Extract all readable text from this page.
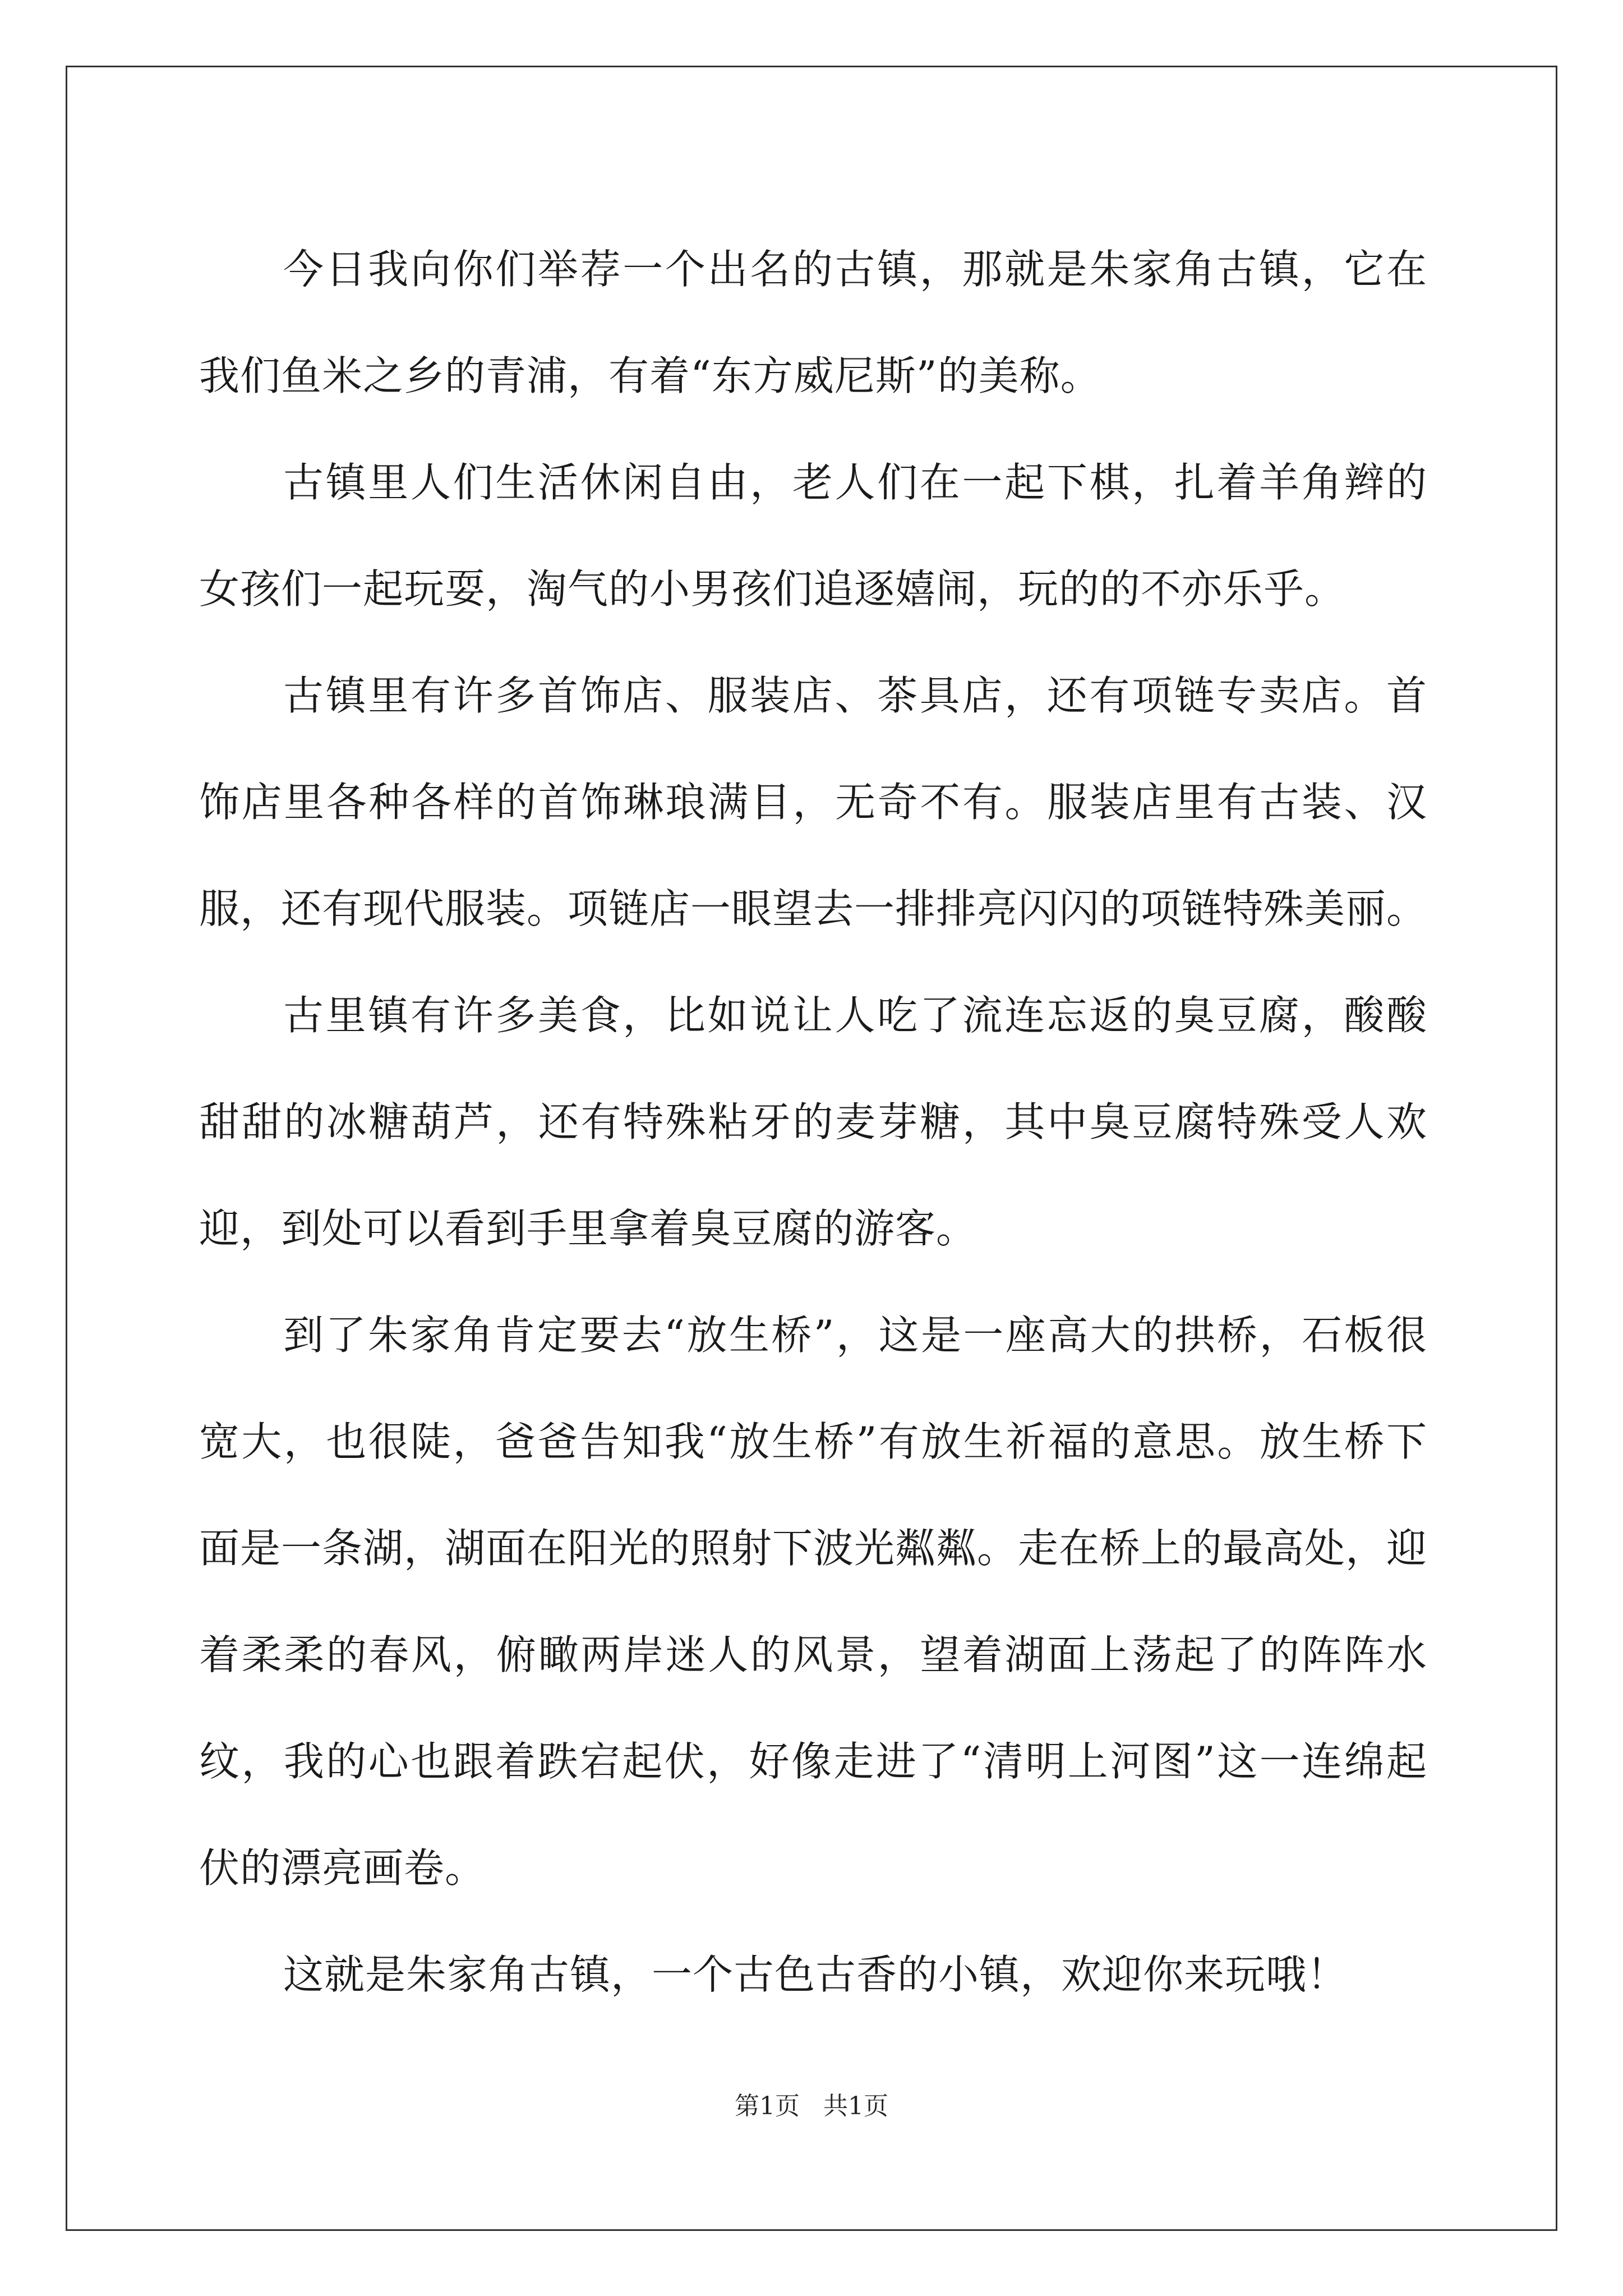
今日我向你们举荐一个出名的古镇，那就是朱家角古镇，它在我们鱼米之乡的青浦，有着“东方威尼斯”的美称。

古镇里人们生活休闲自由，老人们在一起下棋，扎着羊角辫的女孩们一起玩耍，淘气的小男孩们追逐嬉闹，玩的的不亦乐乎。

古镇里有许多首饰店、服装店、茶具店，还有项链专卖店。首饰店里各种各样的首饰琳琅满目，无奇不有。服装店里有古装、汉服，还有现代服装。项链店一眼望去一排排亮闪闪的项链特殊美丽。

古里镇有许多美食，比如说让人吃了流连忘返的臭豆腐，酸酸甜甜的冰糖葫芦，还有特殊粘牙的麦芽糖，其中臭豆腐特殊受人欢迎，到处可以看到手里拿着臭豆腐的游客。

到了朱家角肯定要去“放生桥”，这是一座高大的拱桥，石板很宽大，也很陡，爸爸告知我“放生桥”有放生祈福的意思。放生桥下面是一条湖，湖面在阳光的照射下波光粼粼。走在桥上的最高处，迎着柔柔的春风，俯瞰两岸迷人的风景，望着湖面上荡起了的阵阵水纹，我的心也跟着跌宕起伏，好像走进了“清明上河图”这一连绵起伏的漂亮画卷。

这就是朱家角古镇，一个古色古香的小镇，欢迎你来玩哦！

第1页   共1页
